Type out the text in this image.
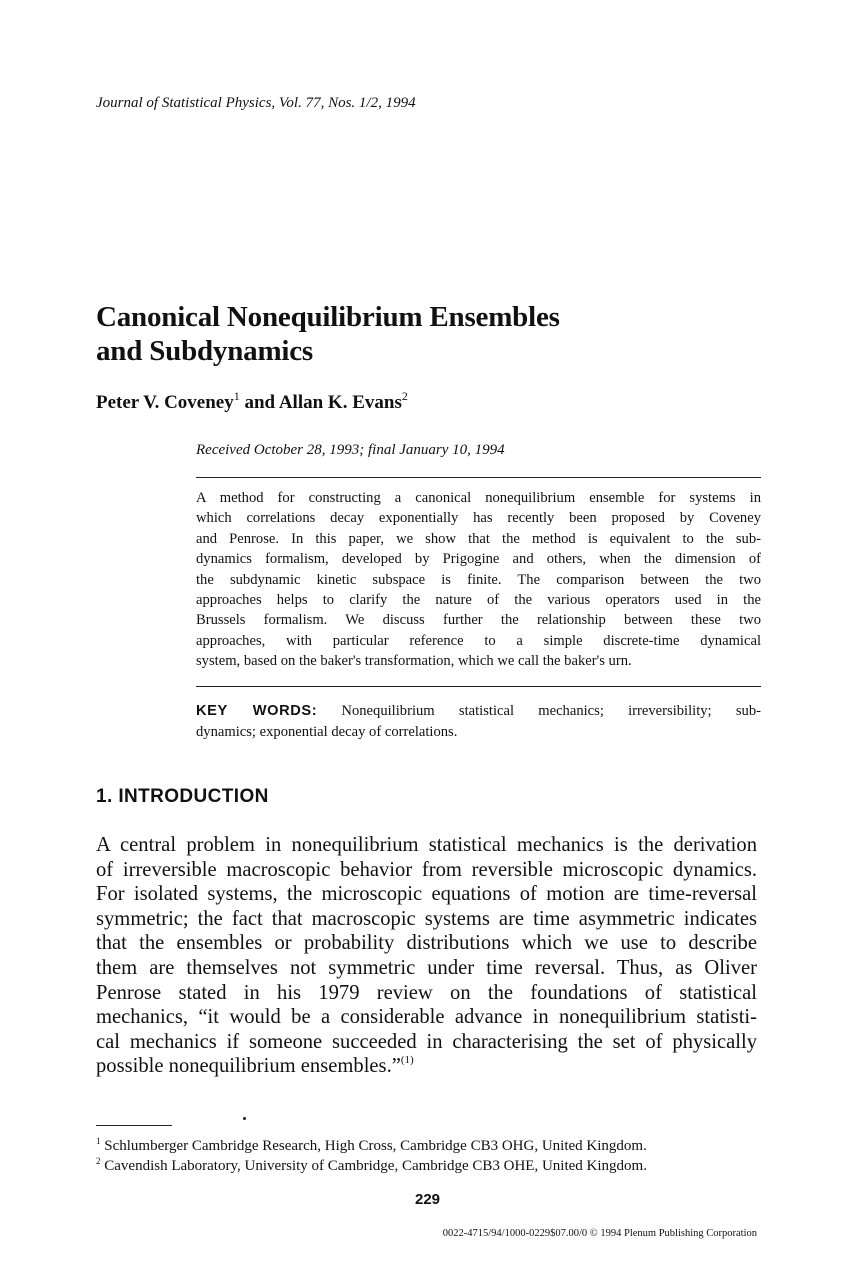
Journal of Statistical Physics, Vol. 77, Nos. 1/2, 1994
Canonical Nonequilibrium Ensembles
and Subdynamics
Peter V. Coveney$^1$ and Allan K. Evans$^2$
Received October 28, 1993; final January 10, 1994
A method for constructing a canonical nonequilibrium ensemble for systems in
which correlations decay exponentially has recently been proposed by Coveney
and Penrose. In this paper, we show that the method is equivalent to the sub-
dynamics formalism, developed by Prigogine and others, when the dimension of
the subdynamic kinetic subspace is finite. The comparison between the two
approaches helps to clarify the nature of the various operators used in the
Brussels formalism. We discuss further the relationship between these two
approaches, with particular reference to a simple discrete-time dynamical
system, based on the baker's transformation, which we call the baker's urn.
KEY WORDS: Nonequilibrium statistical mechanics; irreversibility; sub-
dynamics; exponential decay of correlations.
1. INTRODUCTION
A central problem in nonequilibrium statistical mechanics is the derivation
of irreversible macroscopic behavior from reversible microscopic dynamics.
For isolated systems, the microscopic equations of motion are time-reversal
symmetric; the fact that macroscopic systems are time asymmetric indicates
that the ensembles or probability distributions which we use to describe
them are themselves not symmetric under time reversal. Thus, as Oliver
Penrose stated in his 1979 review on the foundations of statistical
mechanics, “it would be a considerable advance in nonequilibrium statisti-
cal mechanics if someone succeeded in characterising the set of physically
possible nonequilibrium ensembles.”$^{(1)}$
$^1$ Schlumberger Cambridge Research, High Cross, Cambridge CB3 OHG, United Kingdom.
$^2$ Cavendish Laboratory, University of Cambridge, Cambridge CB3 OHE, United Kingdom.
229
0022-4715/94/1000-0229$07.00/0 © 1994 Plenum Publishing Corporation
